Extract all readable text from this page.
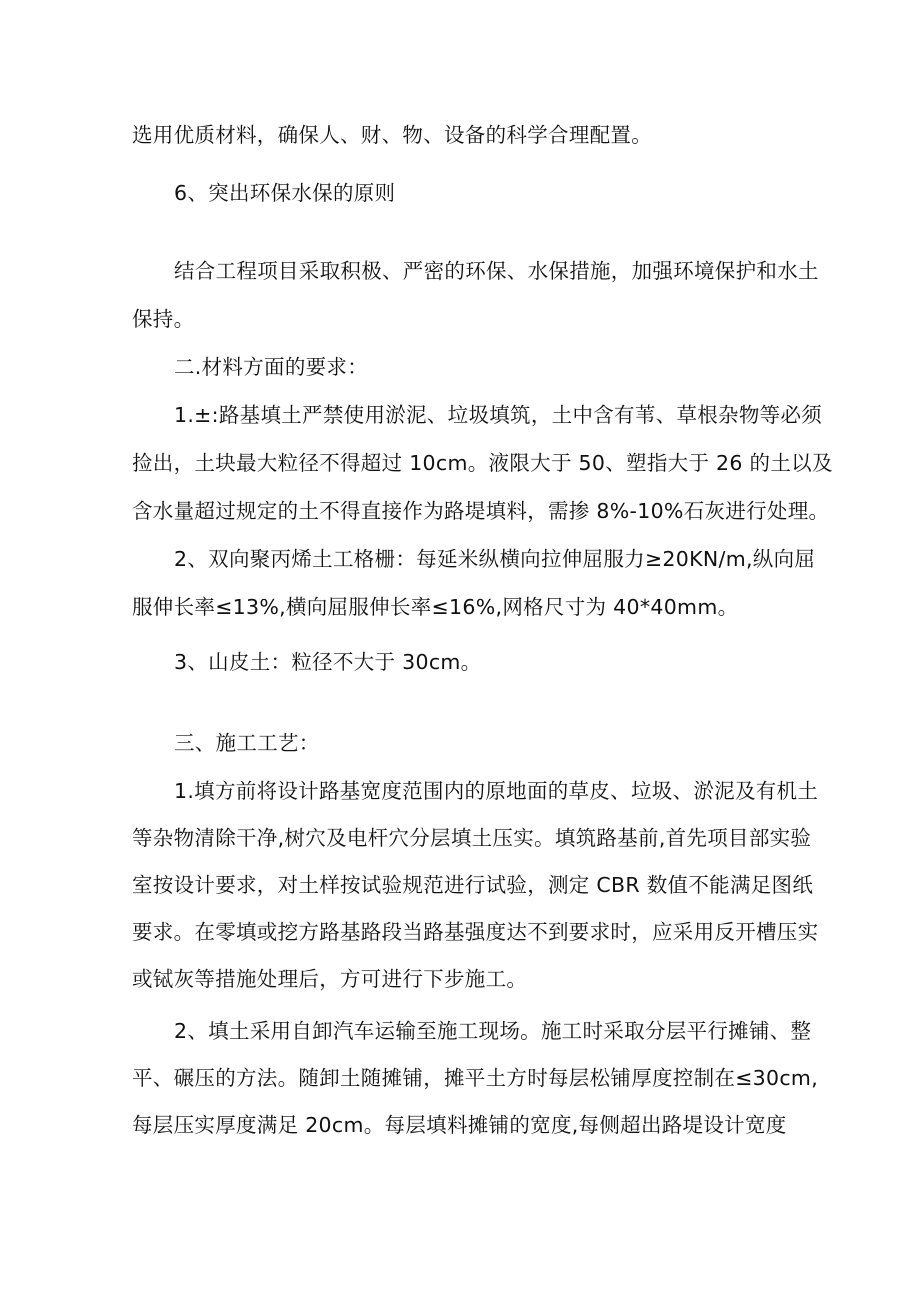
选用优质材料，确保人、财、物、设备的科学合理配置。
6、突出环保水保的原则
结合工程项目采取积极、严密的环保、水保措施，加强环境保护和水土
保持。
二.材料方面的要求：
1.±:路基填土严禁使用淤泥、垃圾填筑，土中含有苇、草根杂物等必须
捡出，土块最大粒径不得超过 10cm。液限大于 50、塑指大于 26 的土以及
含水量超过规定的土不得直接作为路堤填料，需掺 8%-10%石灰进行处理。
2、双向聚丙烯土工格栅：每延米纵横向拉伸屈服力≥20KN∕m,纵向屈
服伸长率≤13%,横向屈服伸长率≤16%,网格尺寸为 40*40mm。
3、山皮土：粒径不大于 30cm。
三、施工工艺：
1.填方前将设计路基宽度范围内的原地面的草皮、垃圾、淤泥及有机土
等杂物清除干净,树穴及电杆穴分层填土压实。填筑路基前,首先项目部实验
室按设计要求，对土样按试验规范进行试验，测定 CBR 数值不能满足图纸
要求。在零填或挖方路基路段当路基强度达不到要求时，应采用反开槽压实
或铽灰等措施处理后，方可进行下步施工。
2、填土采用自卸汽车运输至施工现场。施工时采取分层平行摊铺、整
平、碾压的方法。随卸土随摊铺，摊平土方时每层松铺厚度控制在≤30cm,
每层压实厚度满足 20cm。每层填料摊铺的宽度,每侧超出路堤设计宽度
